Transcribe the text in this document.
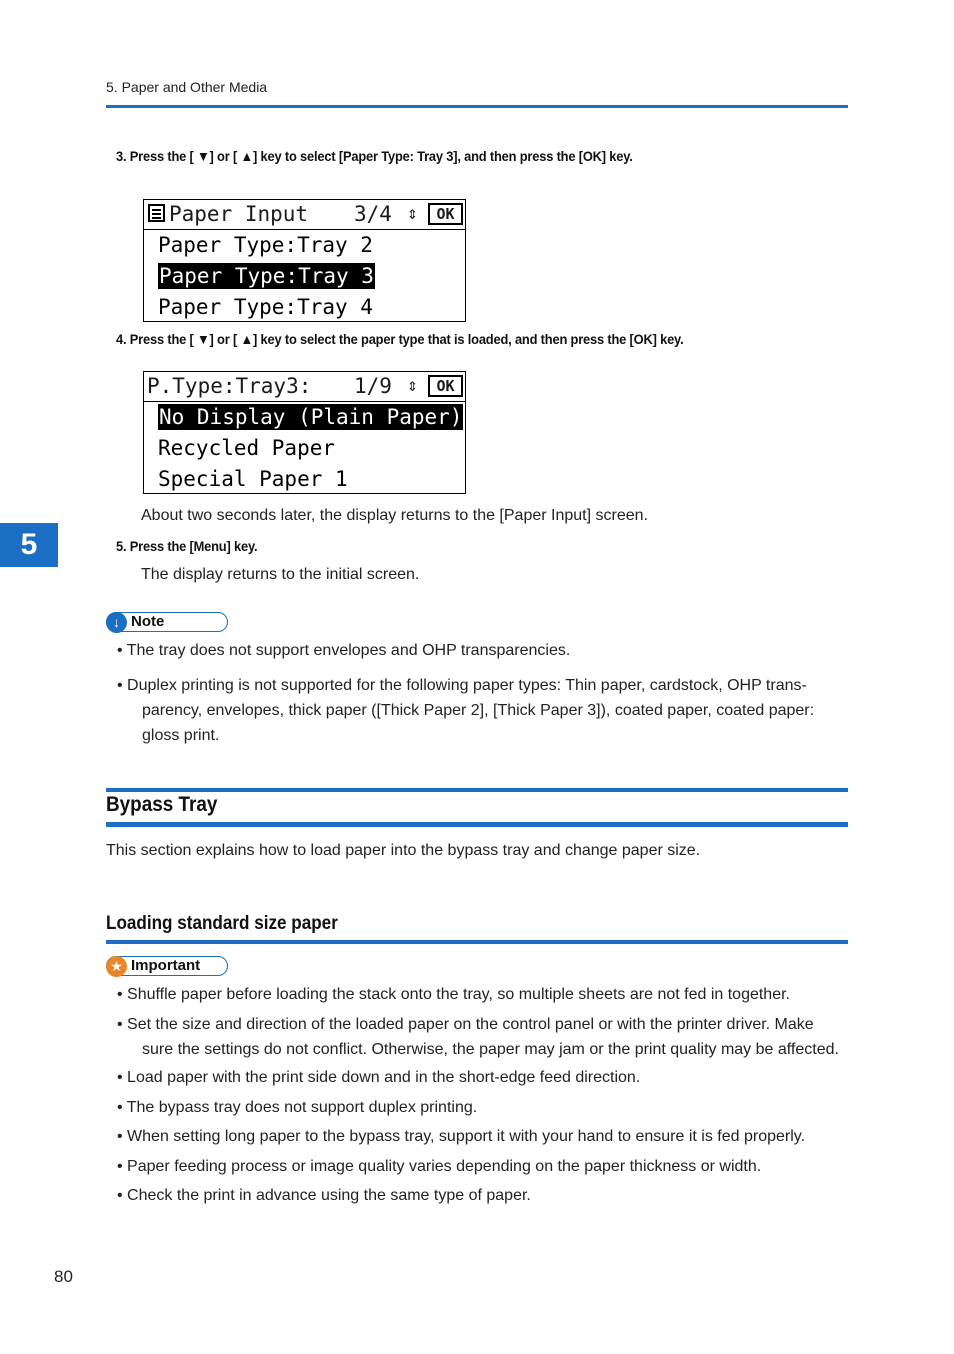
5. Paper and Other Media
3. Press the [ ▼] or [ ▲] key to select [Paper Type: Tray 3], and then press the [OK] key.
Paper Input 3/4 ⇕	OK
Paper Type:Tray 2
Paper Type:Tray 3
Paper Type:Tray 4
4. Press the [ ▼] or [ ▲] key to select the paper type that is loaded, and then press the [OK] key.
P.Type:Tray3: 1/9 ⇕	OK
No Display (Plain Paper)
Recycled Paper
Special Paper 1
About two seconds later, the display returns to the [Paper Input] screen.
5	5. Press the [Menu] key.
The display returns to the initial screen.
↓ Note
• The tray does not support envelopes and OHP transparencies.
• Duplex printing is not supported for the following paper types: Thin paper, cardstock, OHP trans-
parency, envelopes, thick paper ([Thick Paper 2], [Thick Paper 3]), coated paper, coated paper:
gloss print.
Bypass Tray
This section explains how to load paper into the bypass tray and change paper size.
Loading standard size paper
★ Important
• Shuffle paper before loading the stack onto the tray, so multiple sheets are not fed in together.
• Set the size and direction of the loaded paper on the control panel or with the printer driver. Make
sure the settings do not conflict. Otherwise, the paper may jam or the print quality may be affected.
• Load paper with the print side down and in the short-edge feed direction.
• The bypass tray does not support duplex printing.
• When setting long paper to the bypass tray, support it with your hand to ensure it is fed properly.
• Paper feeding process or image quality varies depending on the paper thickness or width.
• Check the print in advance using the same type of paper.
80
